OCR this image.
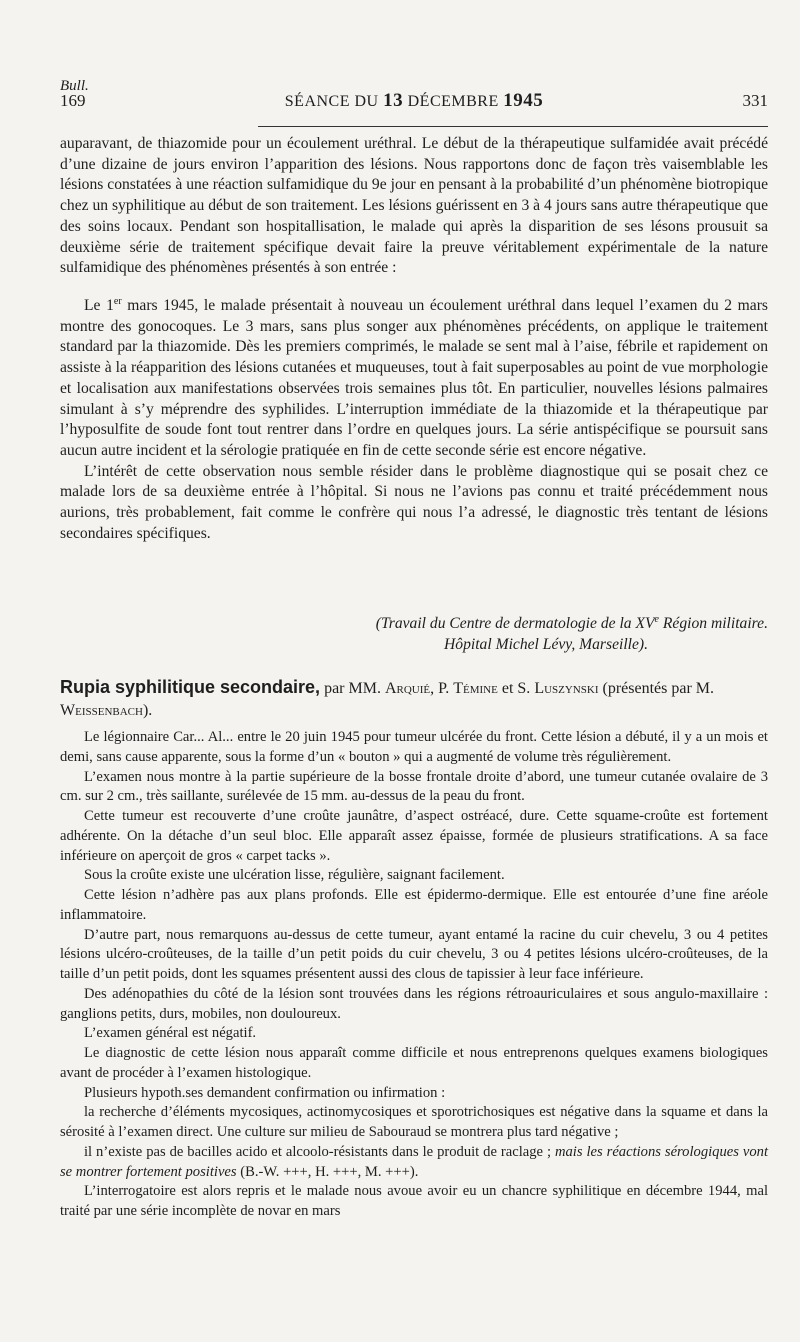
Bull.
169	SÉANCE DU 13 DÉCEMBRE 1945	331

auparavant, de thiazomide pour un écoulement uréthral. Le début de la thérapeutique sulfamidée avait précédé d’une dizaine de jours environ l’apparition des lésions. Nous rapportons donc de façon très vaisemblable les lésions constatées à une réaction sulfamidique du 9e jour en pensant à la probabilité d’un phénomène biotropique chez un syphilitique au début de son traitement. Les lésions guérissent en 3 à 4 jours sans autre thérapeutique que des soins locaux. Pendant son hospitallisation, le malade qui après la disparition de ses lésons prousuit sa deuxième série de traitement spécifique devait faire la preuve véritablement expérimentale de la nature sulfamidique des phénomènes présentés à son entrée :

Le 1er mars 1945, le malade présentait à nouveau un écoulement uréthral dans lequel l’examen du 2 mars montre des gonocoques. Le 3 mars, sans plus songer aux phénomènes précédents, on applique le traitement standard par la thiazomide. Dès les premiers comprimés, le malade se sent mal à l’aise, fébrile et rapidement on assiste à la réapparition des lésions cutanées et muqueuses, tout à fait superposables au point de vue morphologie et localisation aux manifestations observées trois semaines plus tôt. En particulier, nouvelles lésions palmaires simulant à s’y méprendre des syphilides. L’interruption immédiate de la thiazomide et la thérapeutique par l’hyposulfite de soude font tout rentrer dans l’ordre en quelques jours. La série antispécifique se poursuit sans aucun autre incident et la sérologie pratiquée en fin de cette seconde série est encore négative.

L’intérêt de cette observation nous semble résider dans le problème diagnostique qui se posait chez ce malade lors de sa deuxième entrée à l’hôpital. Si nous ne l’avions pas connu et traité précédemment nous aurions, très probablement, fait comme le confrère qui nous l’a adressé, le diagnostic très tentant de lésions secondaires spécifiques.

(Travail du Centre de dermatologie de la XVe Région militaire.
Hôpital Michel Lévy, Marseille).
Rupia syphilitique secondaire, par MM. Arquié, P. Témine et S. Luszynski (présentés par M. Weissenbach).

Le légionnaire Car... Al... entre le 20 juin 1945 pour tumeur ulcérée du front. Cette lésion a débuté, il y a un mois et demi, sans cause apparente, sous la forme d’un « bouton » qui a augmenté de volume très régulièrement.

L’examen nous montre à la partie supérieure de la bosse frontale droite d’abord, une tumeur cutanée ovalaire de 3 cm. sur 2 cm., très saillante, surélevée de 15 mm. au-dessus de la peau du front.

Cette tumeur est recouverte d’une croûte jaunâtre, d’aspect ostréacé, dure. Cette squame-croûte est fortement adhérente. On la détache d’un seul bloc. Elle apparaît assez épaisse, formée de plusieurs stratifications. A sa face inférieure on aperçoit de gros « carpet tacks ».

Sous la croûte existe une ulcération lisse, régulière, saignant facilement.

Cette lésion n’adhère pas aux plans profonds. Elle est épidermo-dermique. Elle est entourée d’une fine aréole inflammatoire.

D’autre part, nous remarquons au-dessus de cette tumeur, ayant entamé la racine du cuir chevelu, 3 ou 4 petites lésions ulcéro-croûteuses, de la taille d’un petit poids du cuir chevelu, 3 ou 4 petites lésions ulcéro-croûteuses, de la taille d’un petit poids, dont les squames présentent aussi des clous de tapissier à leur face inférieure.

Des adénopathies du côté de la lésion sont trouvées dans les régions rétroauriculaires et sous angulo-maxillaire : ganglions petits, durs, mobiles, non douloureux.

L’examen général est négatif.

Le diagnostic de cette lésion nous apparaît comme difficile et nous entreprenons quelques examens biologiques avant de procéder à l’examen histologique.

Plusieurs hypoth.ses demandent confirmation ou infirmation :

la recherche d’éléments mycosiques, actinomycosiques et sporotrichosiques est négative dans la squame et dans la sérosité à l’examen direct. Une culture sur milieu de Sabouraud se montrera plus tard négative ;

il n’existe pas de bacilles acido et alcoolo-résistants dans le produit de raclage ; mais les réactions sérologiques vont se montrer fortement positives (B.-W. +++, H. +++, M. +++).

L’interrogatoire est alors repris et le malade nous avoue avoir eu un chancre syphilitique en décembre 1944, mal traité par une série incomplète de novar en mars
